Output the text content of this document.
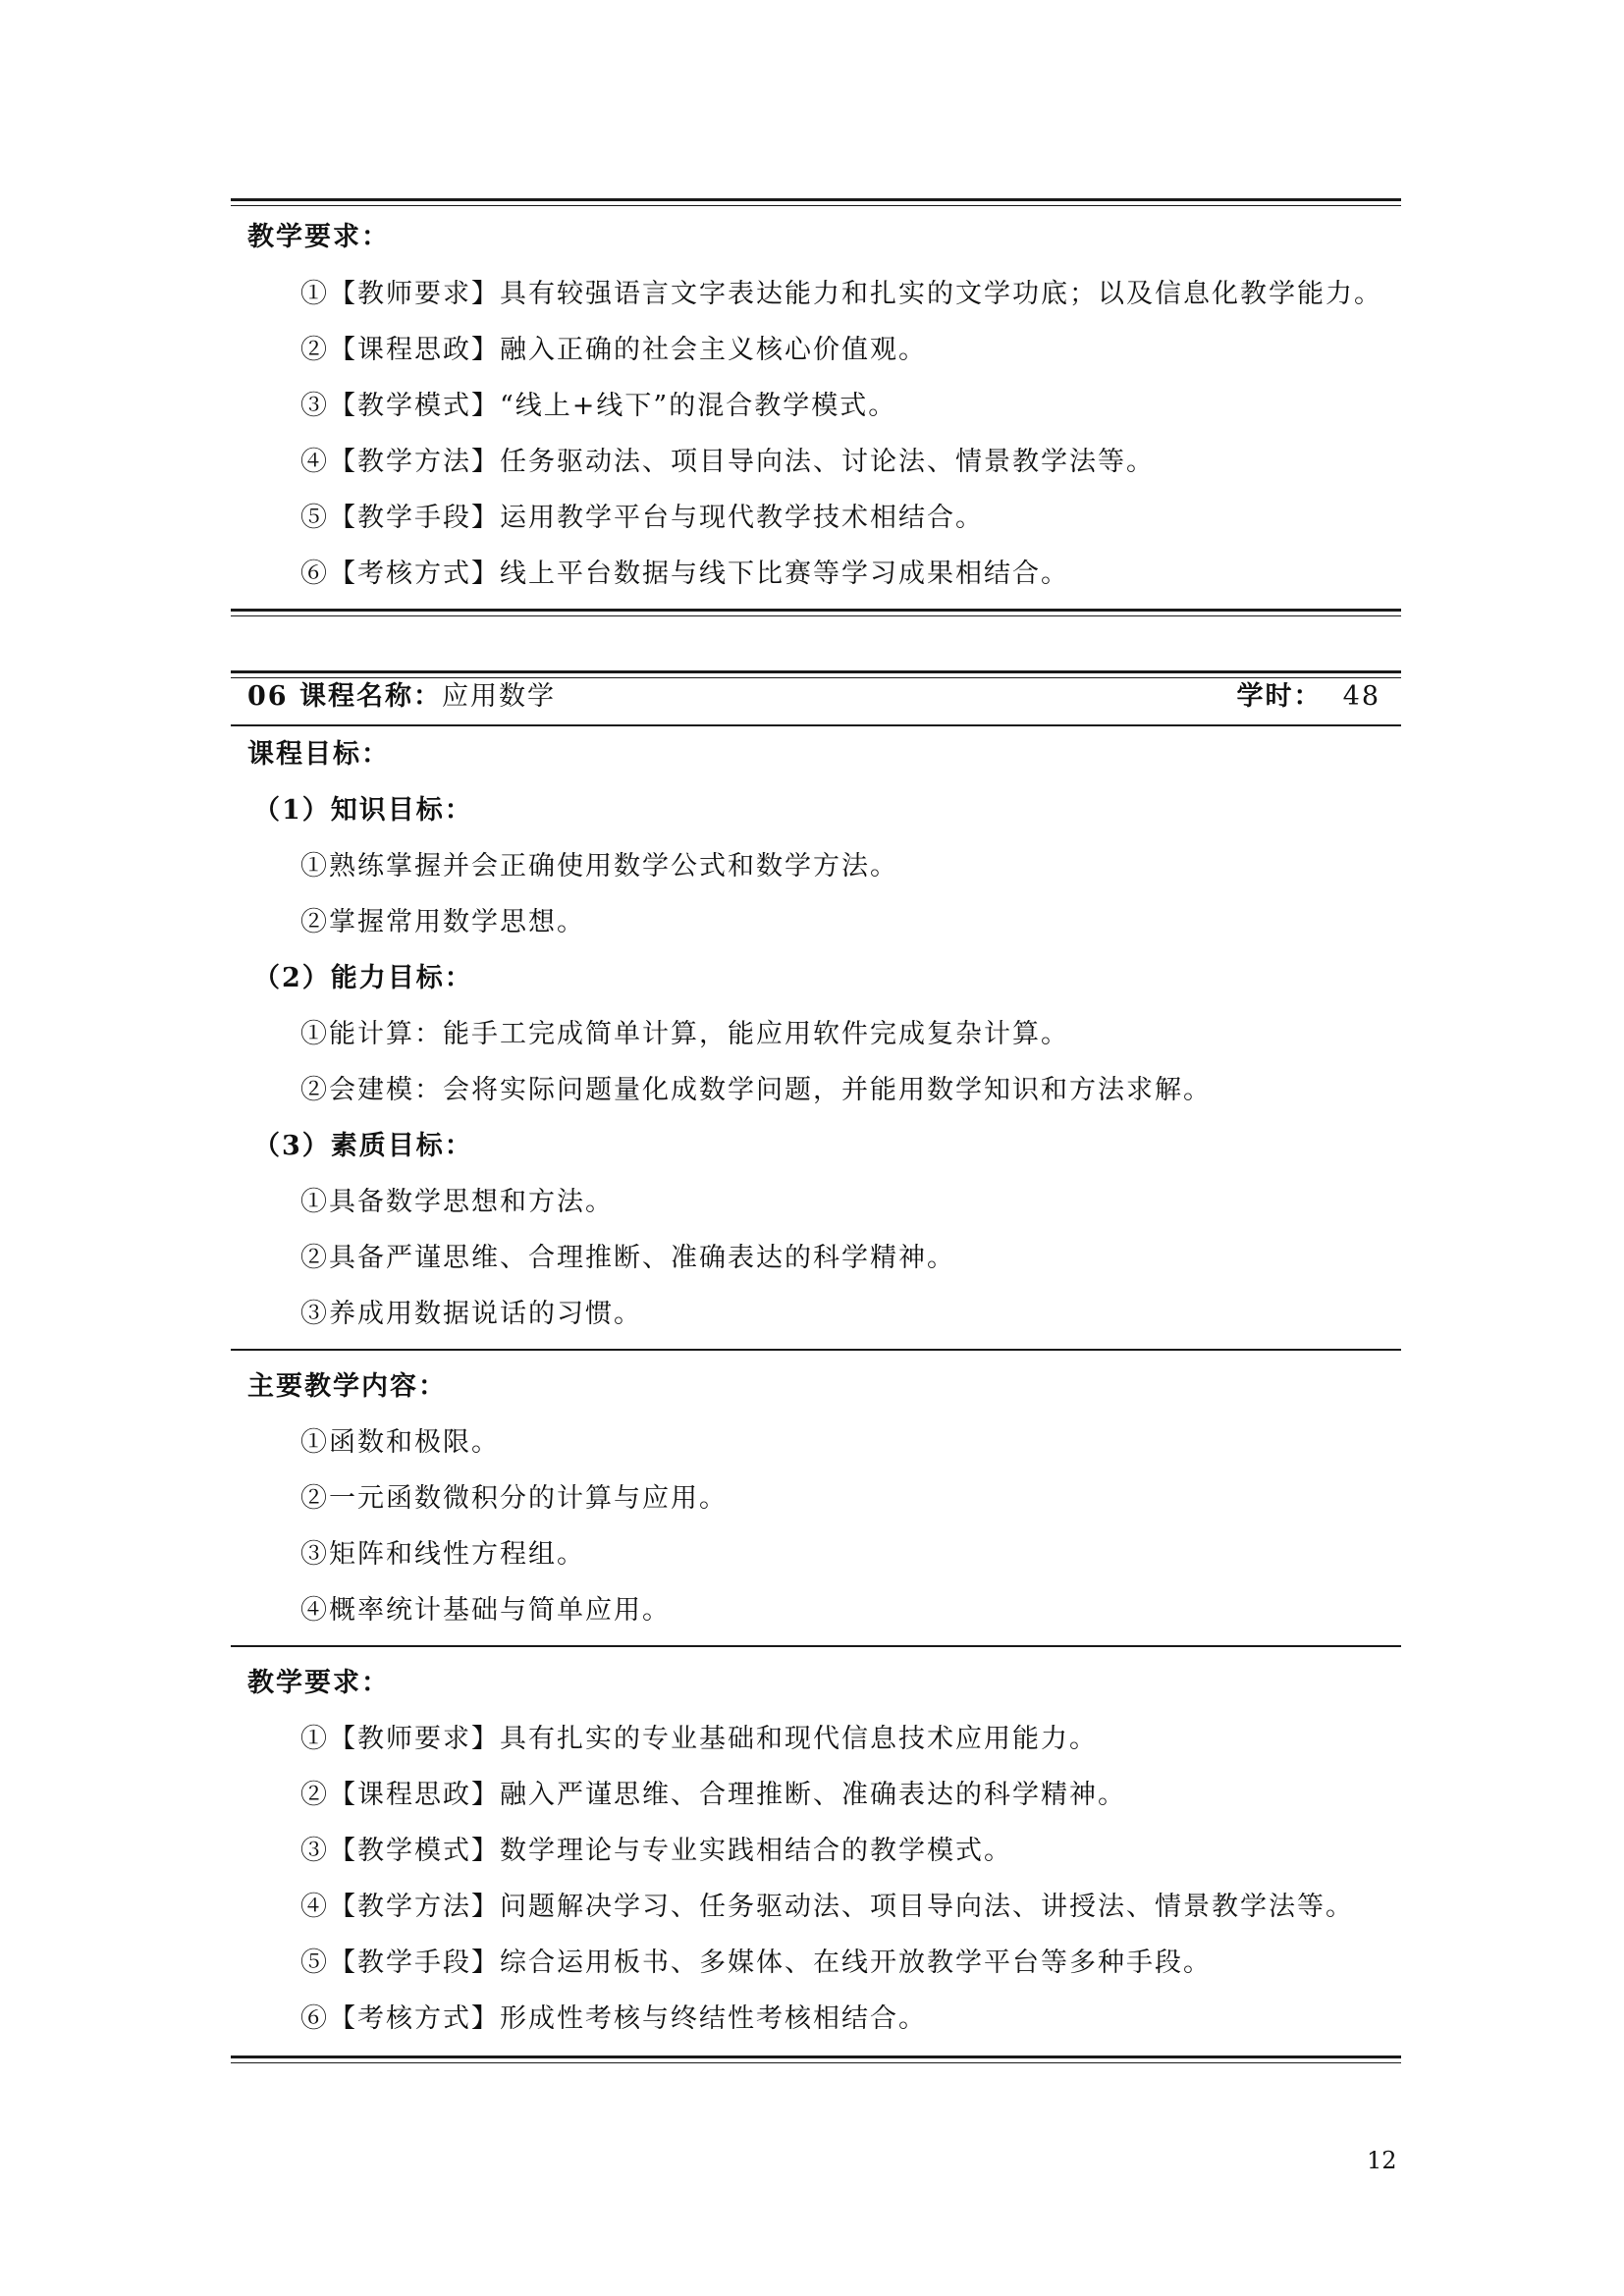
教学要求：
①【教师要求】具有较强语言文字表达能力和扎实的文学功底；以及信息化教学能力。
②【课程思政】融入正确的社会主义核心价值观。
③【教学模式】“线上+线下”的混合教学模式。
④【教学方法】任务驱动法、项目导向法、讨论法、情景教学法等。
⑤【教学手段】运用教学平台与现代教学技术相结合。
⑥【考核方式】线上平台数据与线下比赛等学习成果相结合。
06 课程名称：应用数学	学时： 48
课程目标：
（1）知识目标：
①熟练掌握并会正确使用数学公式和数学方法。
②掌握常用数学思想。
（2）能力目标：
①能计算：能手工完成简单计算，能应用软件完成复杂计算。
②会建模：会将实际问题量化成数学问题，并能用数学知识和方法求解。
（3）素质目标：
①具备数学思想和方法。
②具备严谨思维、合理推断、准确表达的科学精神。
③养成用数据说话的习惯。
主要教学内容：
①函数和极限。
②一元函数微积分的计算与应用。
③矩阵和线性方程组。
④概率统计基础与简单应用。
教学要求：
①【教师要求】具有扎实的专业基础和现代信息技术应用能力。
②【课程思政】融入严谨思维、合理推断、准确表达的科学精神。
③【教学模式】数学理论与专业实践相结合的教学模式。
④【教学方法】问题解决学习、任务驱动法、项目导向法、讲授法、情景教学法等。
⑤【教学手段】综合运用板书、多媒体、在线开放教学平台等多种手段。
⑥【考核方式】形成性考核与终结性考核相结合。
12
